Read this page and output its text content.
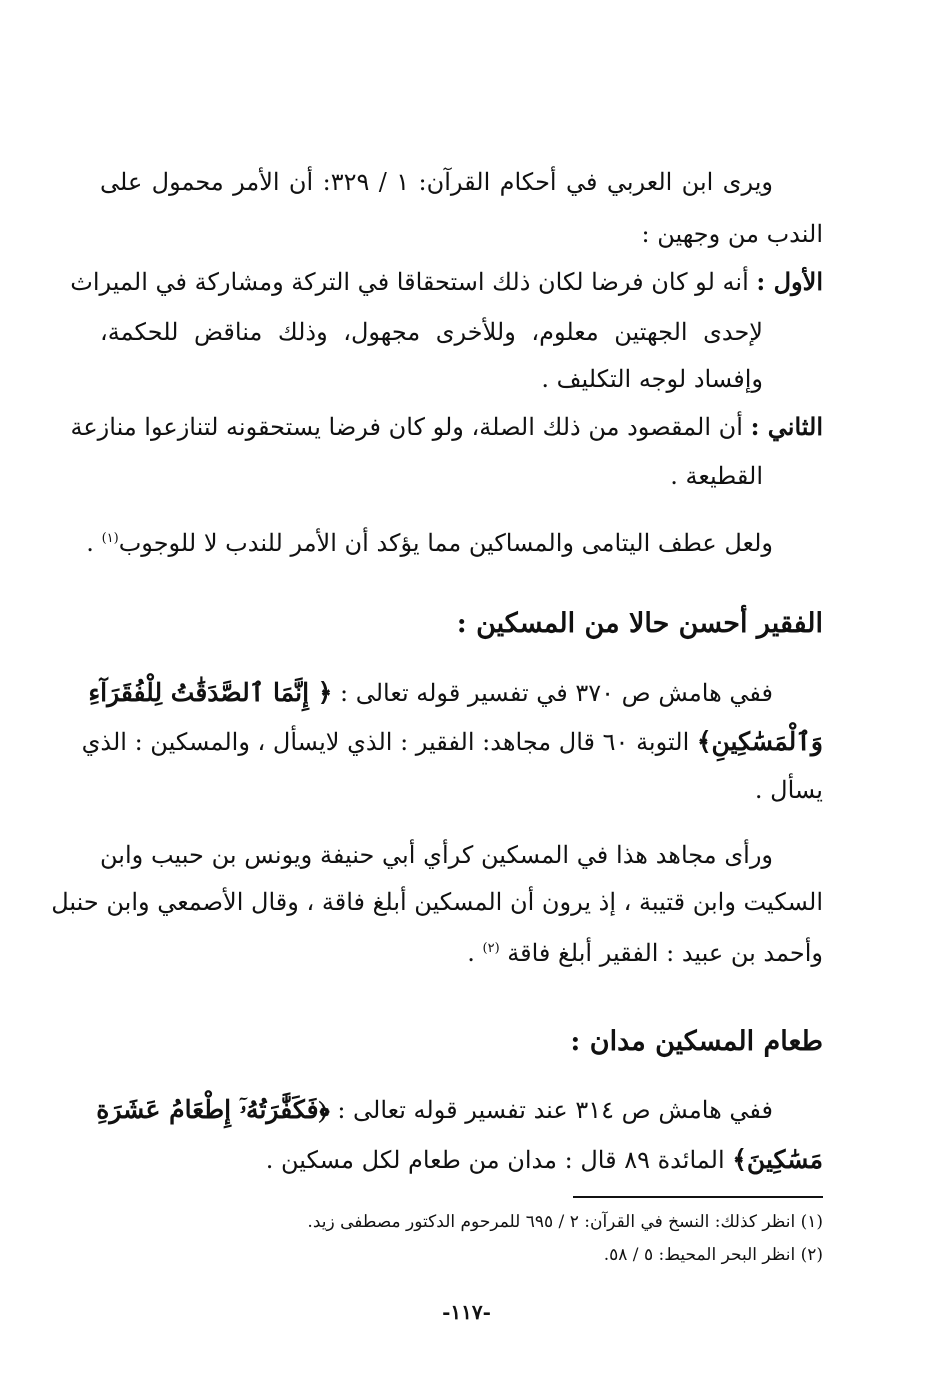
ويرى ابن العربي في أحكام القرآن: ١ / ٣٢٩: أن الأمر محمول على
الندب من وجهين :
الأول : أنه لو كان فرضا لكان ذلك استحقاقا في التركة ومشاركة في الميراث
لإحدى الجهتين معلوم، وللأخرى مجهول، وذلك مناقض للحكمة،
وإفساد لوجه التكليف .
الثاني : أن المقصود من ذلك الصلة، ولو كان فرضا يستحقونه لتنازعوا منازعة
القطيعة .
ولعل عطف اليتامى والمساكين مما يؤكد أن الأمر للندب لا للوجوب$^{(١)}$ .
الفقير أحسن حالا من المسكين :
ففي هامش ص ٣٧٠ في تفسير قوله تعالى : ﴿ إِنَّمَا ٱلصَّدَقَٰتُ لِلْفُقَرَآءِ
وَٱلْمَسَٰكِينِ﴾ التوبة ٦٠ قال مجاهد: الفقير : الذي لايسأل ، والمسكين : الذي
يسأل .
ورأى مجاهد هذا في المسكين كرأي أبي حنيفة ويونس بن حبيب وابن
السكيت وابن قتيبة ، إذ يرون أن المسكين أبلغ فاقة ، وقال الأصمعي وابن حنبل
وأحمد بن عبيد : الفقير أبلغ فاقة $^{(٢)}$ .
طعام المسكين مدان :
ففي هامش ص ٣١٤ عند تفسير قوله تعالى : ﴿فَكَفَّٰرَتُهُۥٓ إِطْعَامُ عَشَرَةِ
مَسَٰكِينَ﴾ المائدة ٨٩ قال : مدان من طعام لكل مسكين .
(١) انظر كذلك: النسخ في القرآن: ٢ / ٦٩٥ للمرحوم الدكتور مصطفى زيد.
(٢) انظر البحر المحيط: ٥ / ٥٨.
-١١٧-
